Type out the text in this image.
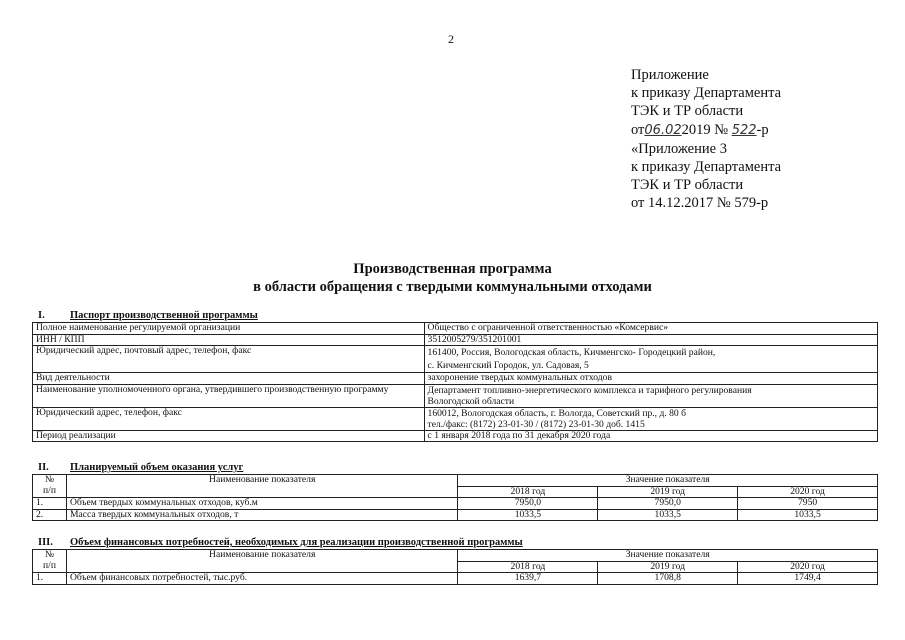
2
Приложение
к приказу Департамента
ТЭК и ТР области
от06.022019 № 522-р
«Приложение 3
к приказу Департамента
ТЭК и ТР области
от 14.12.2017 № 579-р
Производственная программа
в области обращения с твердыми коммунальными отходами
I. Паспорт производственной программы
Полное наименование регулируемой организации	Общество с ограниченной ответственностью «Комсервис»
ИНН / КПП	3512005279/351201001
Юридический адрес, почтовый адрес, телефон, факс	161400, Россия, Вологодская область, Кичменгско- Городецкий район,
с. Кичменгский Городок, ул. Садовая, 5
Вид деятельности	захоронение твердых коммунальных отходов
Наименование уполномоченного органа, утвердившего производственную программу	Департамент топливно-энергетического комплекса и тарифного регулирования
Вологодской области
Юридический адрес, телефон, факс	160012, Вологодская область, г. Вологда, Советский пр., д. 80 б
тел./факс: (8172) 23-01-30 / (8172) 23-01-30 доб. 1415
Период реализации	с 1 января 2018 года по 31 декабря 2020 года
II. Планируемый объем оказания услуг
№
п/п	Наименование показателя	Значение показателя		
		2018 год	2019 год	2020 год
1.	Объем твердых коммунальных отходов, куб.м	7950,0	7950,0	7950
2.	Масса твердых коммунальных отходов, т	1033,5	1033,5	1033,5
III. Объем финансовых потребностей, необходимых для реализации производственной программы
№
п/п	Наименование показателя	Значение показателя		
		2018 год	2019 год	2020 год
1.	Объем финансовых потребностей, тыс.руб.	1639,7	1708,8	1749,4
